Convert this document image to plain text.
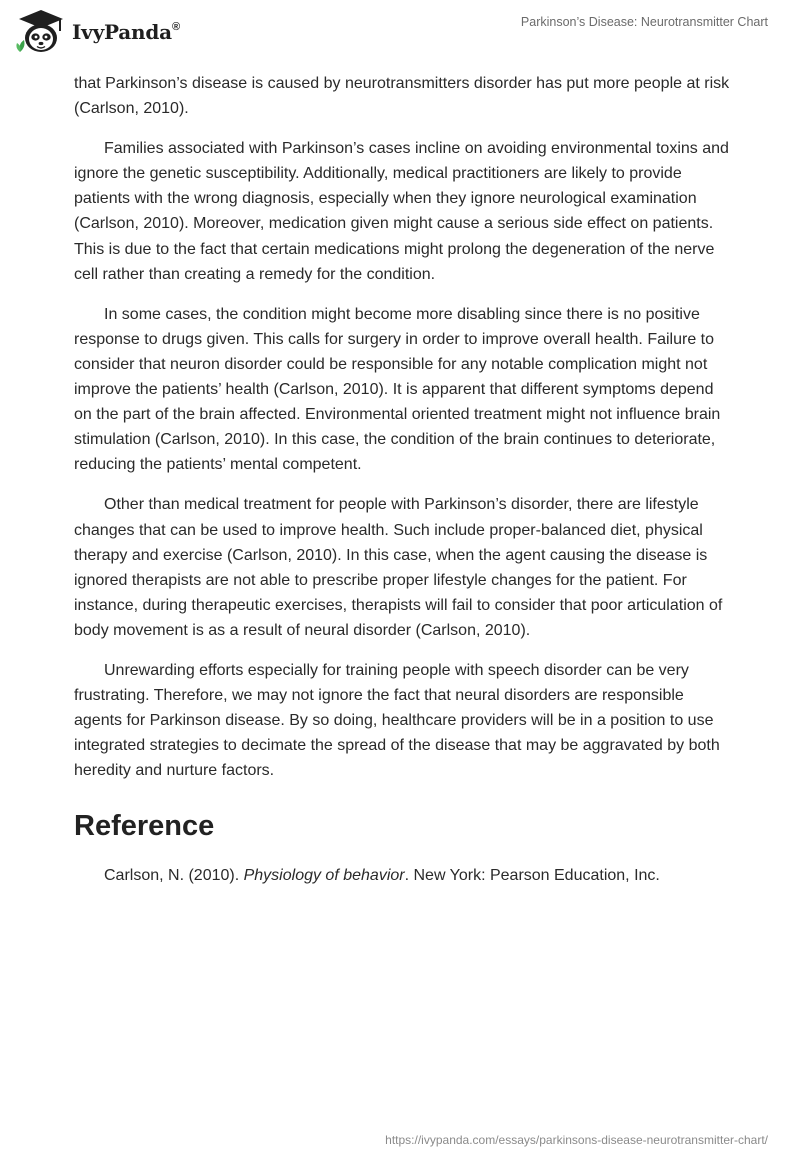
IvyPanda®	Parkinson’s Disease: Neurotransmitter Chart

that Parkinson’s disease is caused by neurotransmitters disorder has put more people at risk (Carlson, 2010).

Families associated with Parkinson’s cases incline on avoiding environmental toxins and ignore the genetic susceptibility. Additionally, medical practitioners are likely to provide patients with the wrong diagnosis, especially when they ignore neurological examination (Carlson, 2010). Moreover, medication given might cause a serious side effect on patients. This is due to the fact that certain medications might prolong the degeneration of the nerve cell rather than creating a remedy for the condition.

In some cases, the condition might become more disabling since there is no positive response to drugs given. This calls for surgery in order to improve overall health. Failure to consider that neuron disorder could be responsible for any notable complication might not improve the patients’ health (Carlson, 2010). It is apparent that different symptoms depend on the part of the brain affected. Environmental oriented treatment might not influence brain stimulation (Carlson, 2010). In this case, the condition of the brain continues to deteriorate, reducing the patients’ mental competent.

Other than medical treatment for people with Parkinson’s disorder, there are lifestyle changes that can be used to improve health. Such include proper-balanced diet, physical therapy and exercise (Carlson, 2010). In this case, when the agent causing the disease is ignored therapists are not able to prescribe proper lifestyle changes for the patient. For instance, during therapeutic exercises, therapists will fail to consider that poor articulation of body movement is as a result of neural disorder (Carlson, 2010).

Unrewarding efforts especially for training people with speech disorder can be very frustrating. Therefore, we may not ignore the fact that neural disorders are responsible agents for Parkinson disease. By so doing, healthcare providers will be in a position to use integrated strategies to decimate the spread of the disease that may be aggravated by both heredity and nurture factors.

Reference
Carlson, N. (2010). Physiology of behavior. New York: Pearson Education, Inc.
https://ivypanda.com/essays/parkinsons-disease-neurotransmitter-chart/
